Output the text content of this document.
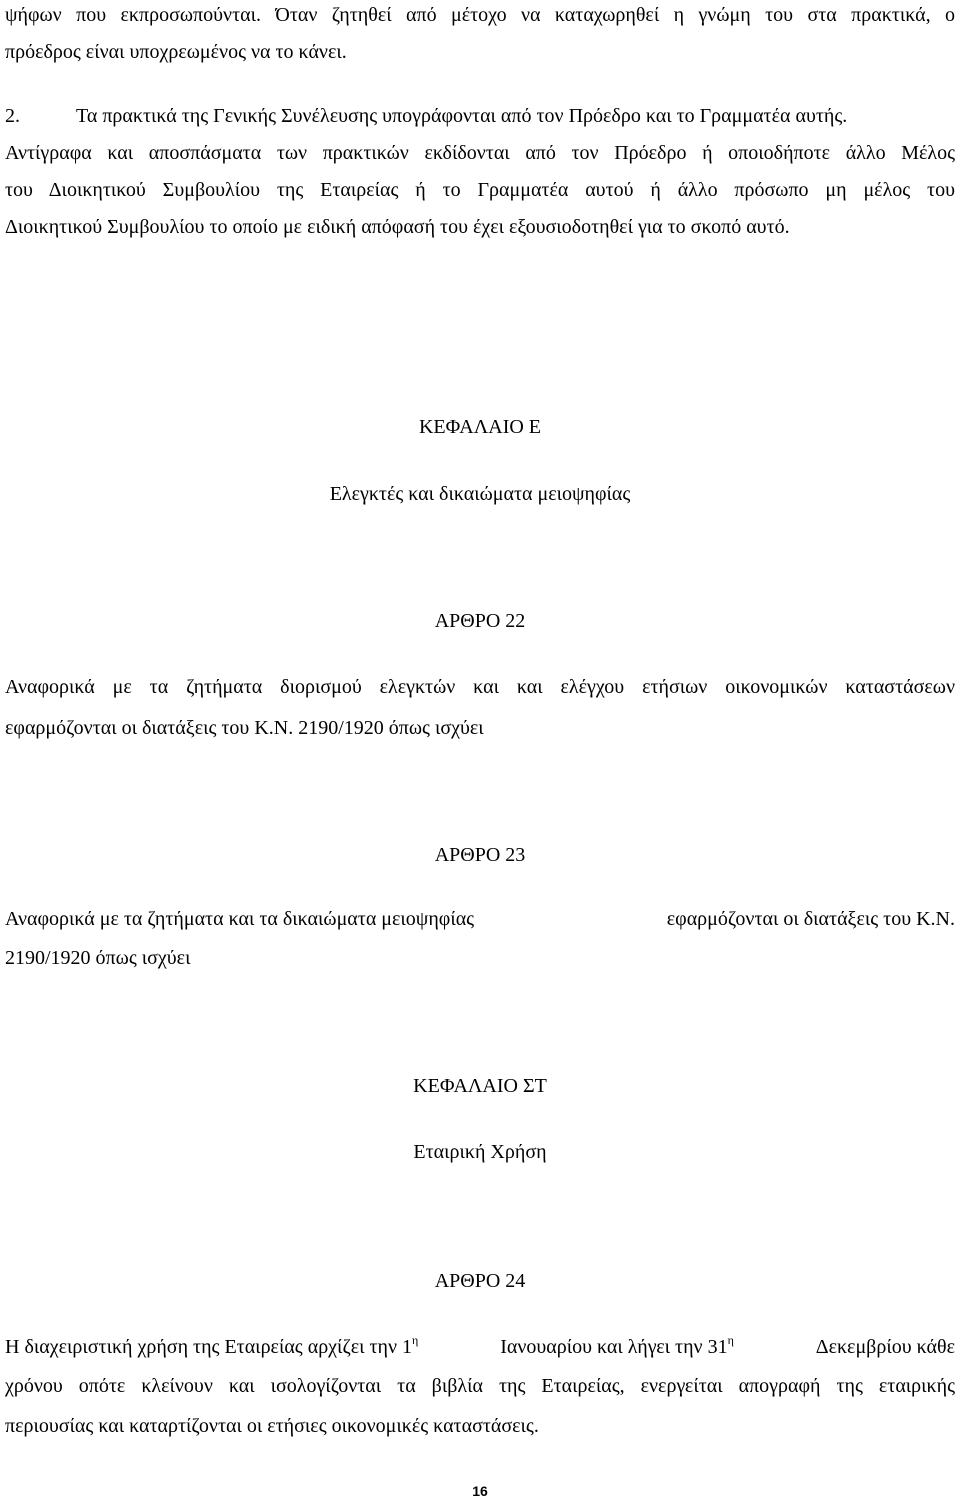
ψήφων που εκπροσωπούνται. Όταν ζητηθεί από μέτοχο να καταχωρηθεί η γνώμη του στα πρακτικά, ο

πρόεδρος είναι υποχρεωμένος να το κάνει.

2.	Τα πρακτικά της Γενικής Συνέλευσης υπογράφονται από τον Πρόεδρο και το Γραμματέα αυτής.

Αντίγραφα και αποσπάσματα των πρακτικών εκδίδονται από τον Πρόεδρο ή οποιοδήποτε άλλο Μέλος

του Διοικητικού Συμβουλίου της Εταιρείας ή το Γραμματέα αυτού ή άλλο πρόσωπο μη μέλος του

Διοικητικού Συμβουλίου το οποίο με ειδική απόφασή του έχει εξουσιοδοτηθεί για το σκοπό αυτό.

ΚΕΦΑΛΑΙΟ Ε

Ελεγκτές και δικαιώματα μειοψηφίας

ΑΡΘΡΟ 22

Αναφορικά με τα ζητήματα διορισμού ελεγκτών και και ελέγχου ετήσιων οικονομικών καταστάσεων

εφαρμόζονται οι διατάξεις του Κ.Ν. 2190/1920 όπως ισχύει

ΑΡΘΡΟ 23

Αναφορικά με τα ζητήματα και τα δικαιώματα μειοψηφίας	εφαρμόζονται οι διατάξεις του Κ.Ν.

2190/1920 όπως ισχύει

ΚΕΦΑΛΑΙΟ ΣΤ

Εταιρική Χρήση

ΑΡΘΡΟ 24

Η διαχειριστική χρήση της Εταιρείας αρχίζει την $1^\eta$	Ιανουαρίου και λήγει την $31^\eta$	Δεκεμβρίου κάθε

χρόνου οπότε κλείνουν και ισολογίζονται τα βιβλία της Εταιρείας, ενεργείται απογραφή της εταιρικής

περιουσίας και καταρτίζονται οι ετήσιες οικονομικές καταστάσεις.

16
